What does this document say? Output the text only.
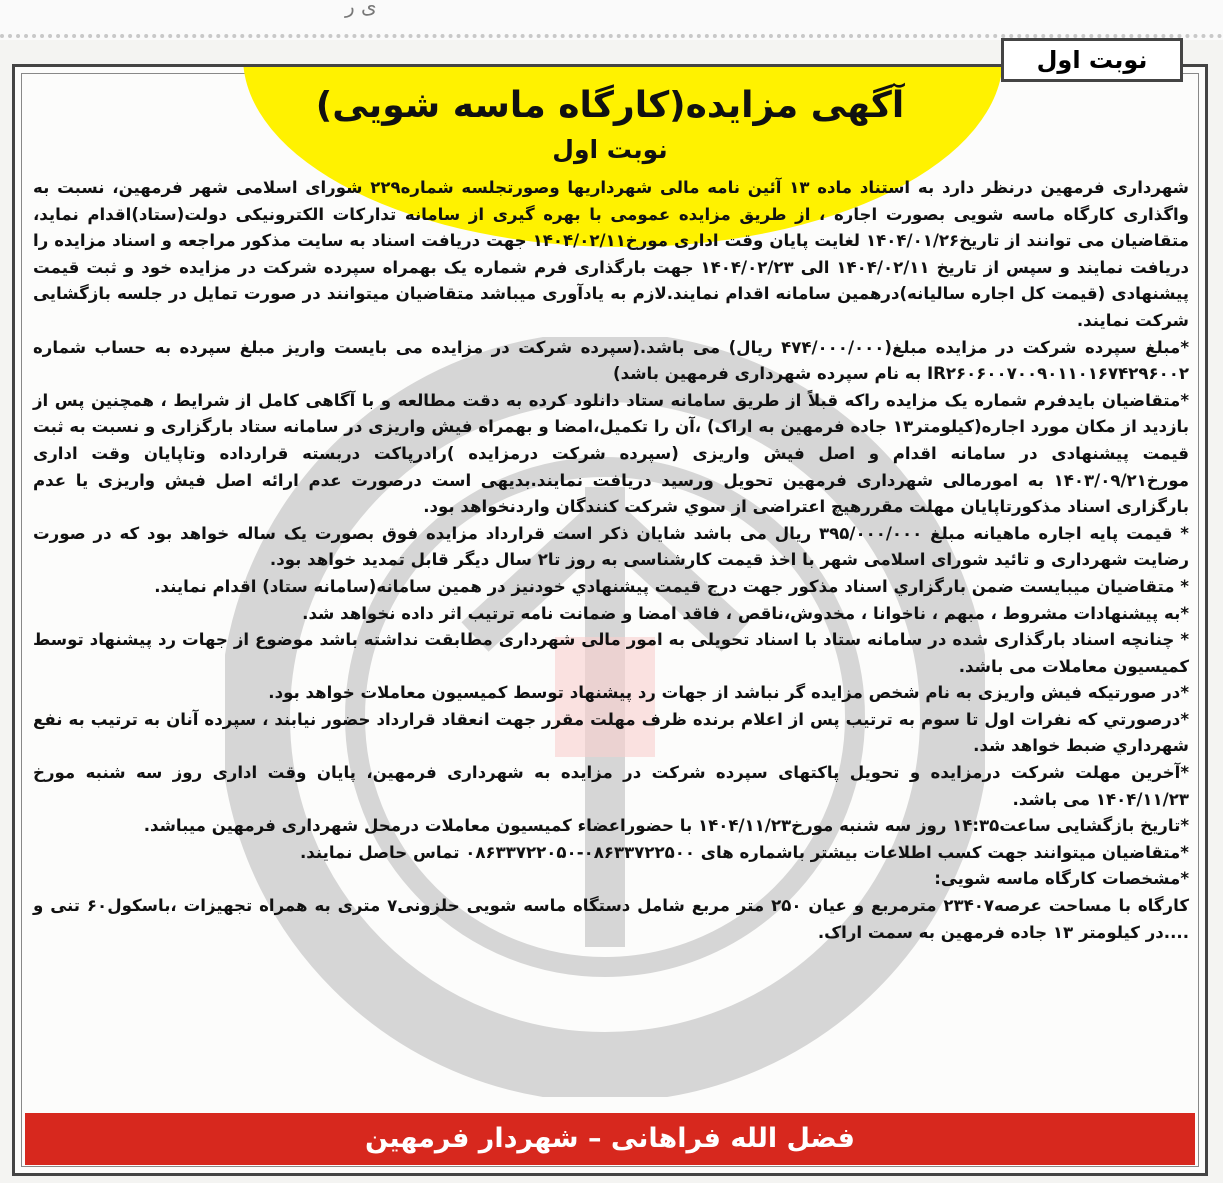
ی ر
آگهی مزایده(کارگاه ماسه شویی)
نوبت اول

شهرداری فرمهین درنظر دارد به استناد ماده ۱۳ آئین نامه مالی شهرداریها وصورتجلسه شماره۲۲۹ شورای اسلامی شهر فرمهین، نسبت به واگذاری کارگاه ماسه شویی بصورت اجاره ، از طریق مزایده عمومی با بهره گیری از سامانه تدارکات الکترونیکی دولت(ستاد)اقدام نماید، متقاضیان می توانند از تاریخ۱۴۰۴/۰۱/۲۶ لغایت پایان وقت اداری مورخ۱۴۰۴/۰۲/۱۱ جهت دریافت اسناد به سایت مذکور مراجعه و اسناد مزایده را دریافت نمایند و سپس از تاریخ ۱۴۰۴/۰۲/۱۱ الی ۱۴۰۴/۰۲/۲۳ جهت بارگذاری فرم شماره یک بهمراه سپرده شرکت در مزایده خود و ثبت قیمت پیشنهادی (قیمت کل اجاره سالیانه)درهمین سامانه اقدام نمایند.لازم به یادآوری میباشد متقاضیان میتوانند در صورت تمایل در جلسه بازگشایی شرکت نمایند.

*مبلغ سپرده شرکت در مزایده مبلغ(۴۷۴/۰۰۰/۰۰۰ ریال) می باشد.(سپرده شرکت در مزایده می بایست واریز مبلغ سپرده به حساب شماره IR۲۶۰۶۰۰۷۰۰۹۰۱۱۰۱۶۷۴۲۹۶۰۰۲ به نام سپرده شهرداری فرمهین باشد)

*متقاضیان بایدفرم شماره یک مزایده راکه قبلاً از طریق سامانه ستاد دانلود کرده به دقت مطالعه و با آگاهی کامل از شرایط ، همچنین پس از بازدید از مکان مورد اجاره(کیلومتر۱۳ جاده فرمهین به اراک) ،آن را تکمیل،امضا و بهمراه فیش واریزی در سامانه ستاد بارگزاری و نسبت به ثبت قیمت پیشنهادی در سامانه اقدام و اصل فیش واریزی (سپرده شرکت درمزایده )رادرپاکت دربسته قرارداده وتاپایان وقت اداری مورخ۱۴۰۳/۰۹/۲۱ به امورمالی شهرداری فرمهین تحویل ورسید دریافت نمایند.بدیهی است درصورت عدم ارائه اصل فیش واریزی یا عدم بارگزاری اسناد مذکورتاپایان مهلت مقررهیچ اعتراضی از سوي شرکت کنندگان واردنخواهد بود.

* قیمت پایه اجاره ماهیانه مبلغ ۳۹۵/۰۰۰/۰۰۰ ریال می باشد شایان ذکر است قرارداد مزایده فوق بصورت یک ساله خواهد بود که در صورت رضایت شهرداری و تائید شورای اسلامی شهر با اخذ قیمت کارشناسی به روز تا۲ سال دیگر قابل تمدید خواهد بود.

* متقاضیان میبایست ضمن بارگزاري اسناد مذکور جهت درج قیمت پیشنهادي خودنیز در همین سامانه(سامانه ستاد) اقدام نمایند.

*به پیشنهادات مشروط ، مبهم ، ناخوانا ، مخدوش،ناقص ، فاقد امضا و ضمانت نامه ترتیب اثر داده نخواهد شد.

* چنانچه اسناد بارگذاری شده در سامانه ستاد با اسناد تحویلی به امور مالی شهرداری مطابقت نداشته باشد موضوع از جهات رد پیشنهاد توسط کمیسیون معاملات می باشد.

*در صورتیکه فیش واریزی به نام شخص مزایده گر نباشد از جهات رد پیشنهاد توسط کمیسیون معاملات خواهد بود.

*درصورتي که نفرات اول تا سوم به ترتیب پس از اعلام برنده ظرف مهلت مقرر جهت انعقاد قرارداد حضور نیابند ، سپرده آنان به ترتیب به نفع شهرداري ضبط خواهد شد.

*آخرین مهلت شرکت درمزایده و تحویل پاکتهای سپرده شرکت در مزایده به شهرداری فرمهین، پایان وقت اداری روز سه شنبه مورخ ۱۴۰۴/۱۱/۲۳ می باشد.

*تاریخ بازگشایی ساعت۱۴:۳۵ روز سه شنبه مورخ۱۴۰۴/۱۱/۲۳ با حضوراعضاء کمیسیون معاملات درمحل شهرداری فرمهین میباشد.

*متقاضیان میتوانند جهت کسب اطلاعات بیشتر باشماره های ۰۸۶۳۳۷۲۲۵۰۰-۰۸۶۳۳۷۲۲۰۵۰ تماس حاصل نمایند.

*مشخصات کارگاه ماسه شویی:

کارگاه با مساحت عرصه۲۳۴۰۷ مترمربع و عیان ۲۵۰ متر مربع شامل دستگاه ماسه شویی حلزونی۷ متری به همراه تجهیزات ،باسکول۶۰ تنی و ....در کیلومتر ۱۳ جاده فرمهین به سمت اراک.

فضل الله فراهانی – شهردار فرمهین
نوبت اول
